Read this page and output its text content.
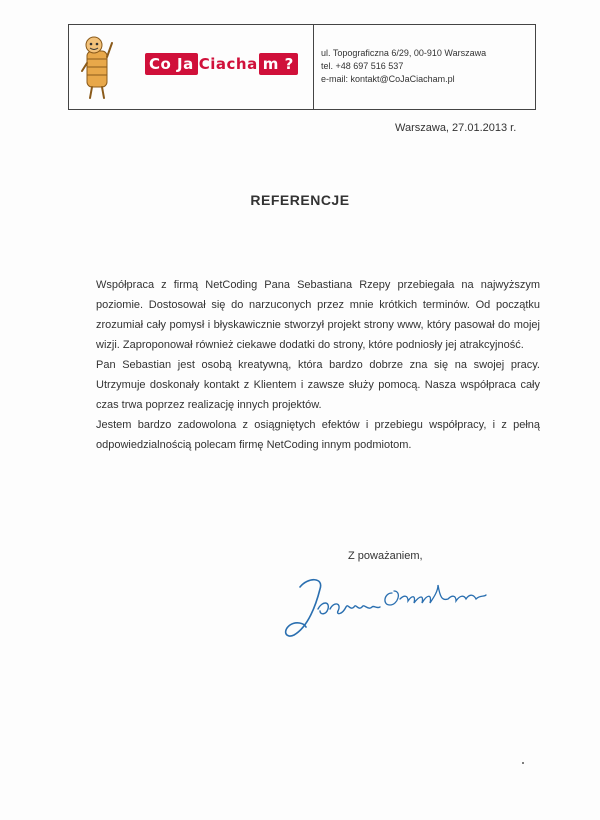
Co Ja Ciacha m ?
ul. Topograficzna 6/29, 00-910 Warszawa
tel. +48 697 516 537
e-mail: kontakt@CoJaCiacham.pl
Warszawa, 27.01.2013 r.
REFERENCJE

Współpraca z firmą NetCoding Pana Sebastiana Rzepy przebiegała na najwyższym poziomie. Dostosował się do narzuconych przez mnie krótkich terminów. Od początku zrozumiał cały pomysł i błyskawicznie stworzył projekt strony www, który pasował do mojej wizji. Zaproponował również ciekawe dodatki do strony, które podniosły jej atrakcyjność.

Pan Sebastian jest osobą kreatywną, która bardzo dobrze zna się na swojej pracy. Utrzymuje doskonały kontakt z Klientem i zawsze służy pomocą. Nasza współpraca cały czas trwa poprzez realizację innych projektów.

Jestem bardzo zadowolona z osiągniętych efektów i przebiegu współpracy, i z pełną odpowiedzialnością polecam firmę NetCoding innym podmiotom.

Z poważaniem,
